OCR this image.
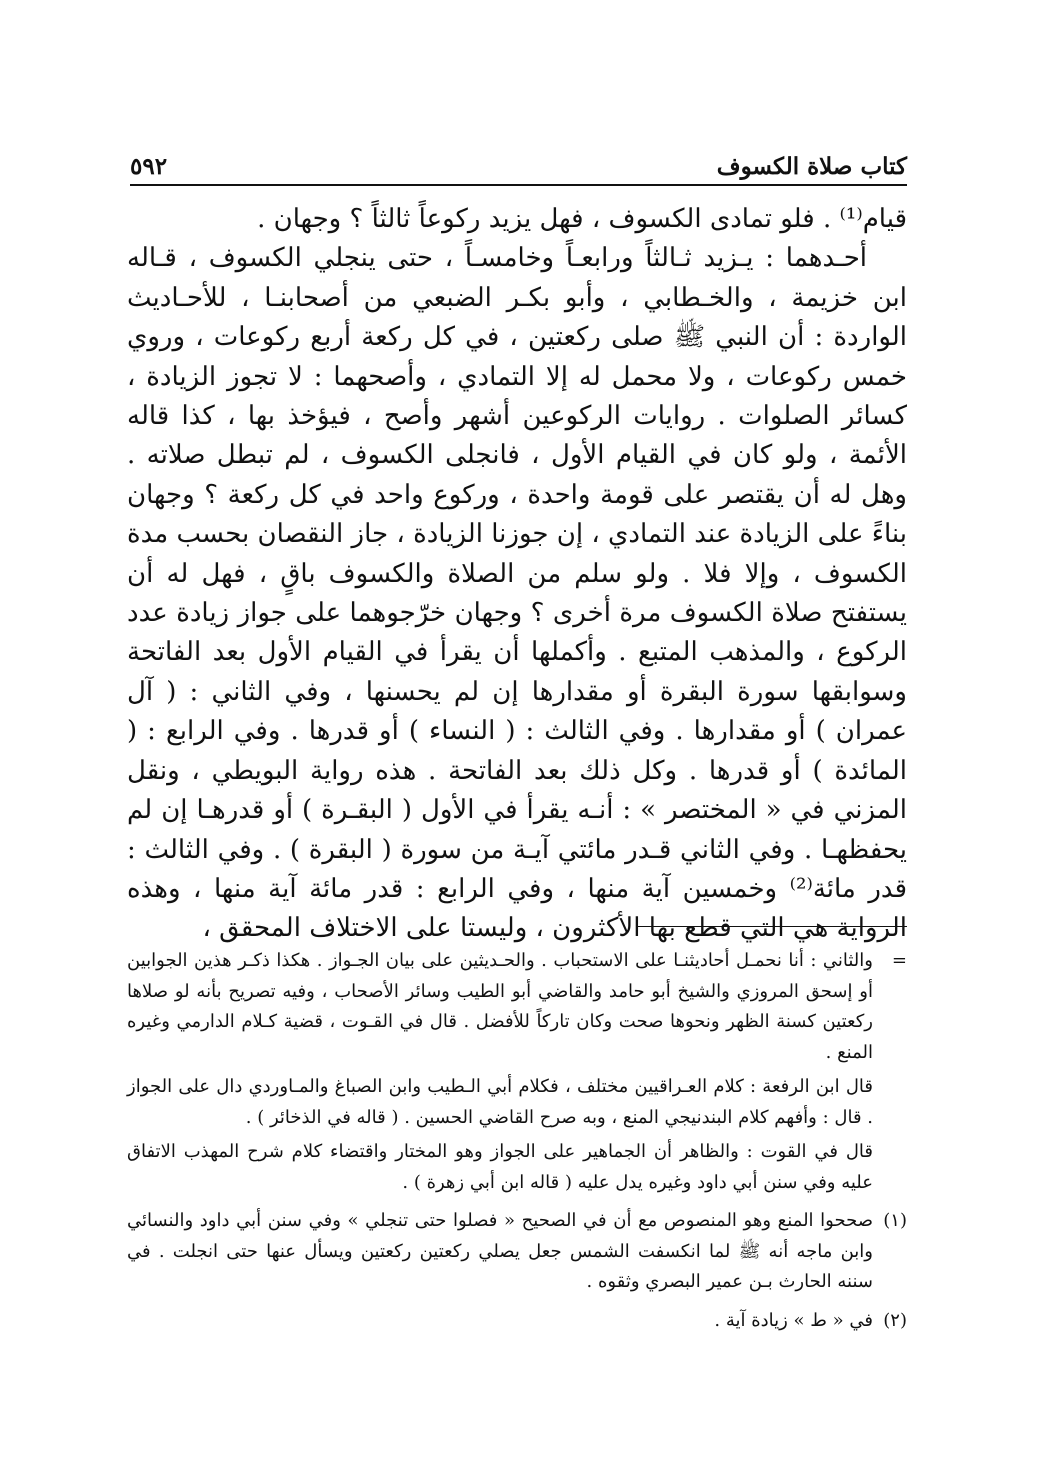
كتاب صلاة الكسوف
٥٩٢

قيام⁽¹⁾ . فلو تمادى الكسوف ، فهل يزيد ركوعاً ثالثاً ؟ وجهان .

أحـدهما : يـزيد ثـالثاً ورابعـاً وخامسـاً ، حتى ينجلي الكسوف ، قـاله ابن خزيمة ، والخـطابي ، وأبو بكـر الضبعي من أصحابنـا ، للأحـاديث الواردة : أن النبي ﷺ صلى ركعتين ، في كل ركعة أربع ركوعات ، وروي خمس ركوعات ، ولا محمل له إلا التمادي ، وأصحهما : لا تجوز الزيادة ، كسائر الصلوات . روايات الركوعين أشهر وأصح ، فيؤخذ بها ، كذا قاله الأئمة ، ولو كان في القيام الأول ، فانجلى الكسوف ، لم تبطل صلاته . وهل له أن يقتصر على قومة واحدة ، وركوع واحد في كل ركعة ؟ وجهان بناءً على الزيادة عند التمادي ، إن جوزنا الزيادة ، جاز النقصان بحسب مدة الكسوف ، وإلا فلا . ولو سلم من الصلاة والكسوف باقٍ ، فهل له أن يستفتح صلاة الكسوف مرة أخرى ؟ وجهان خرّجوهما على جواز زيادة عدد الركوع ، والمذهب المتبع . وأكملها أن يقرأ في القيام الأول بعد الفاتحة وسوابقها سورة البقرة أو مقدارها إن لم يحسنها ، وفي الثاني : ( آل عمران ) أو مقدارها . وفي الثالث : ( النساء ) أو قدرها . وفي الرابع : ( المائدة ) أو قدرها . وكل ذلك بعد الفاتحة . هذه رواية البويطي ، ونقل المزني في « المختصر » : أنـه يقرأ في الأول ( البقـرة ) أو قدرهـا إن لم يحفظهـا . وفي الثاني قـدر مائتي آيـة من سورة ( البقرة ) . وفي الثالث : قدر مائة⁽²⁾ وخمسين آية منها ، وفي الرابع : قدر مائة آية منها ، وهذه الرواية هي التي قطع بها الأكثرون ، وليستا على الاختلاف المحقق ،

=

والثاني : أنا نحمـل أحاديثنـا على الاستحباب . والحـديثين على بيان الجـواز . هكذا ذكـر هذين الجوابين أو إسحق المروزي والشيخ أبو حامد والقاضي أبو الطيب وسائر الأصحاب ، وفيه تصريح بأنه لو صلاها ركعتين كسنة الظهر ونحوها صحت وكان تاركاً للأفضل . قال في القـوت ، قضية كـلام الدارمي وغيره المنع .

قال ابن الرفعة : كلام العـراقيين مختلف ، فكلام أبي الـطيب وابن الصباغ والمـاوردي دال على الجواز . قال : وأفهم كلام البندنيجي المنع ، وبه صرح القاضي الحسين . ( قاله في الذخائر ) .

قال في القوت : والظاهر أن الجماهير على الجواز وهو المختار واقتضاء كلام شرح المهذب الاتفاق عليه وفي سنن أبي داود وغيره يدل عليه ( قاله ابن أبي زهرة ) .

(١)

صححوا المنع وهو المنصوص مع أن في الصحيح « فصلوا حتى تنجلي » وفي سنن أبي داود والنسائي وابن ماجه أنه ﷺ لما انكسفت الشمس جعل يصلي ركعتين ركعتين ويسأل عنها حتى انجلت . في سننه الحارث بـن عمير البصري وثقوه .

(٢)

في « ط » زيادة آية .
